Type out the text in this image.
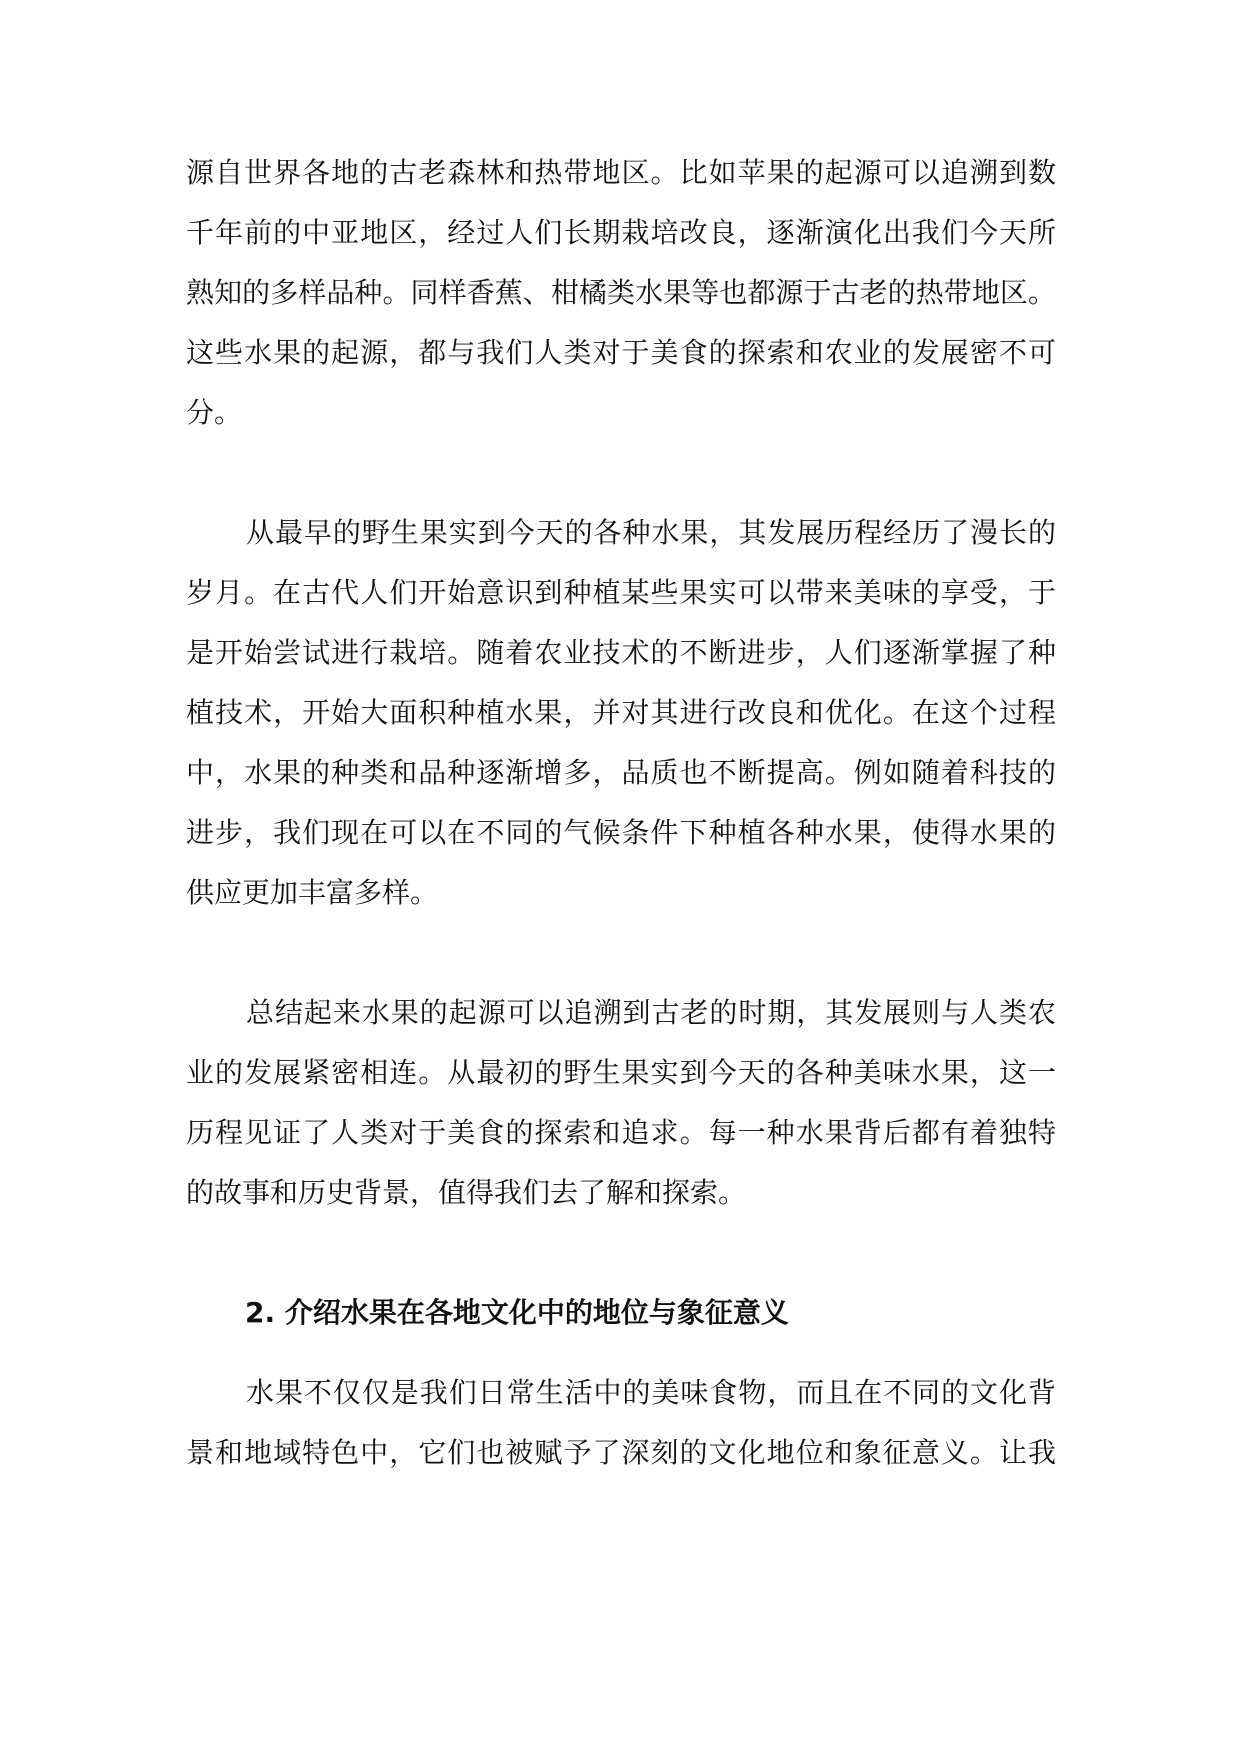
源自世界各地的古老森林和热带地区。比如苹果的起源可以追溯到数
千年前的中亚地区，经过人们长期栽培改良，逐渐演化出我们今天所
熟知的多样品种。同样香蕉、柑橘类水果等也都源于古老的热带地区。
这些水果的起源，都与我们人类对于美食的探索和农业的发展密不可
分。
从最早的野生果实到今天的各种水果，其发展历程经历了漫长的
岁月。在古代人们开始意识到种植某些果实可以带来美味的享受，于
是开始尝试进行栽培。随着农业技术的不断进步，人们逐渐掌握了种
植技术，开始大面积种植水果，并对其进行改良和优化。在这个过程
中，水果的种类和品种逐渐增多，品质也不断提高。例如随着科技的
进步，我们现在可以在不同的气候条件下种植各种水果，使得水果的
供应更加丰富多样。
总结起来水果的起源可以追溯到古老的时期，其发展则与人类农
业的发展紧密相连。从最初的野生果实到今天的各种美味水果，这一
历程见证了人类对于美食的探索和追求。每一种水果背后都有着独特
的故事和历史背景，值得我们去了解和探索。
2. 介绍水果在各地文化中的地位与象征意义
水果不仅仅是我们日常生活中的美味食物，而且在不同的文化背
景和地域特色中，它们也被赋予了深刻的文化地位和象征意义。让我
